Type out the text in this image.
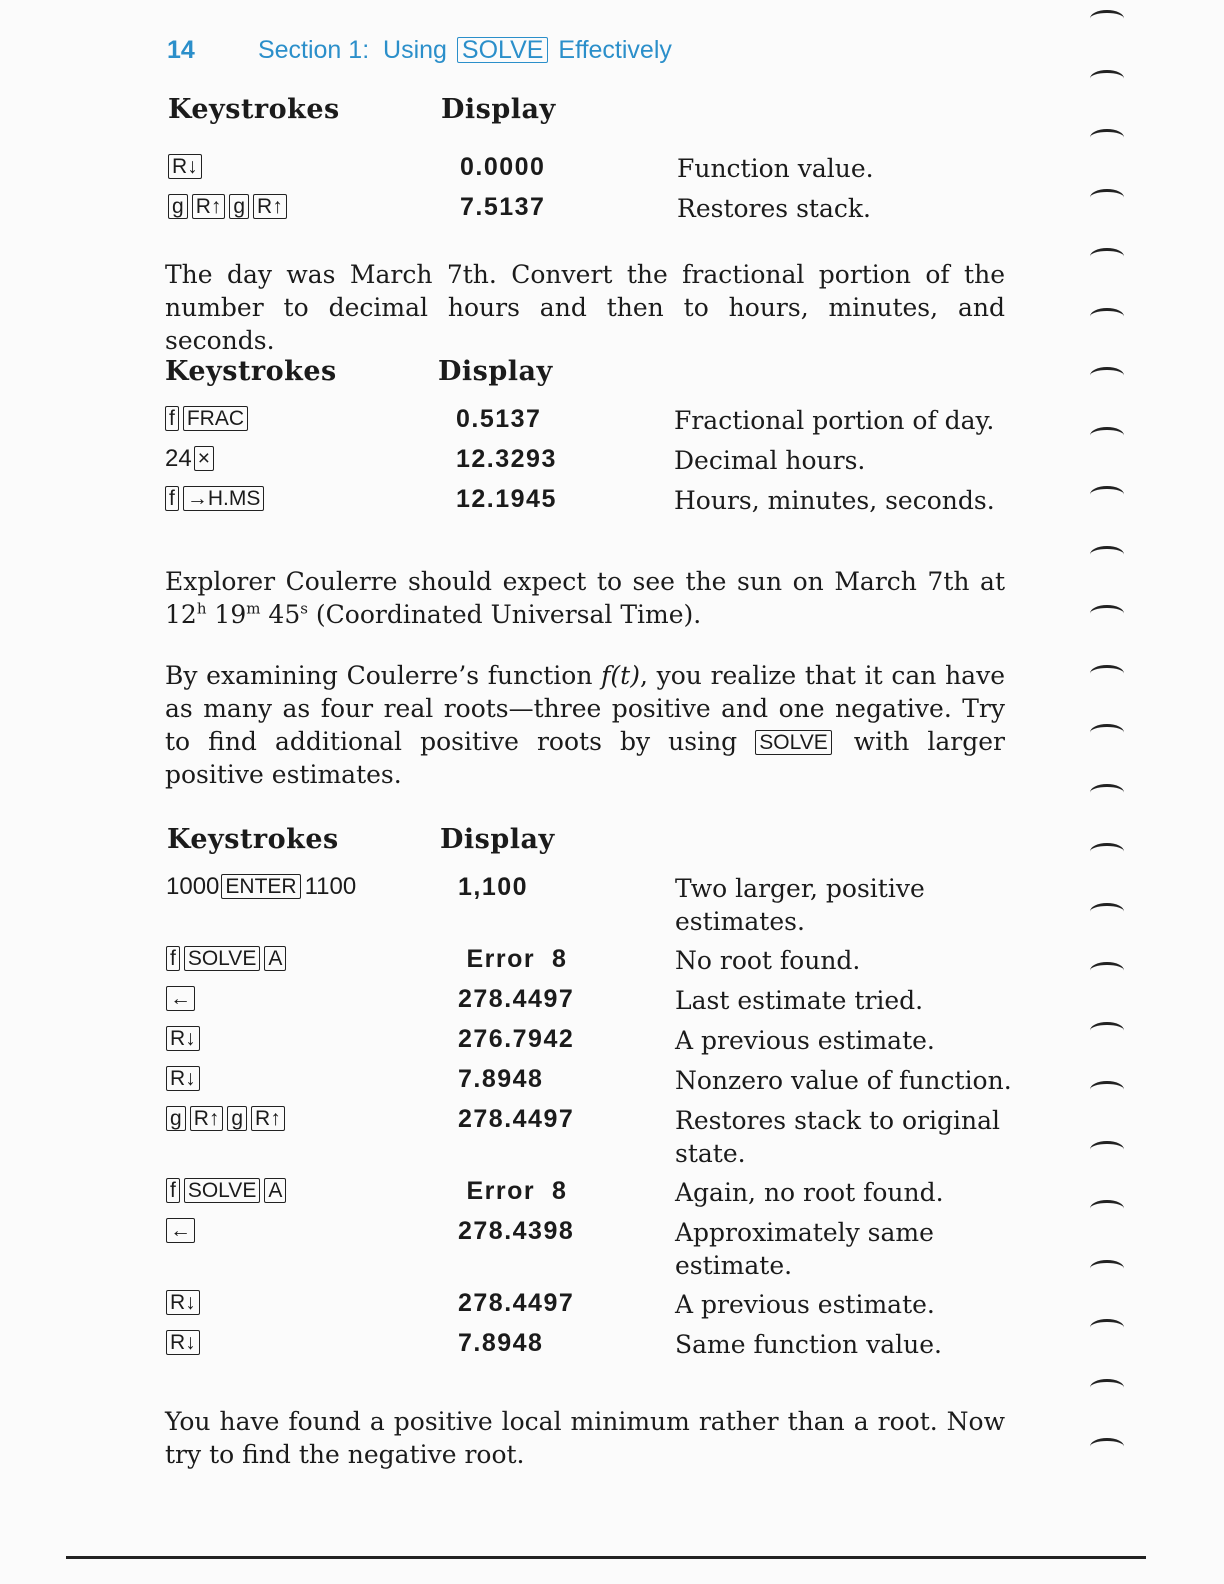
14	Section 1: Using SOLVE Effectively
Keystrokes	Display
R↓	0.0000	Function value.
g R↑ g R↑	7.5137	Restores stack.
The day was March 7th. Convert the fractional portion of the number to decimal hours and then to hours, minutes, and seconds.
Keystrokes	Display
f FRAC	0.5137	Fractional portion of day.
24 ×	12.3293	Decimal hours.
f →H.MS	12.1945	Hours, minutes, seconds.
Explorer Coulerre should expect to see the sun on March 7th at 12$^h$ 19$^m$ 45$^s$ (Coordinated Universal Time).
By examining Coulerre’s function f(t), you realize that it can have as many as four real roots—three positive and one negative. Try to find additional positive roots by using SOLVE with larger positive estimates.
Keystrokes	Display
1000 ENTER 1100	1,100	Two larger, positive estimates.
f SOLVE A	Error  8	No root found.
←	278.4497	Last estimate tried.
R↓	276.7942	A previous estimate.
R↓	7.8948	Nonzero value of function.
g R↑ g R↑	278.4497	Restores stack to original state.
f SOLVE A	Error  8	Again, no root found.
←	278.4398	Approximately same estimate.
R↓	278.4497	A previous estimate.
R↓	7.8948	Same function value.
You have found a positive local minimum rather than a root. Now try to find the negative root.
